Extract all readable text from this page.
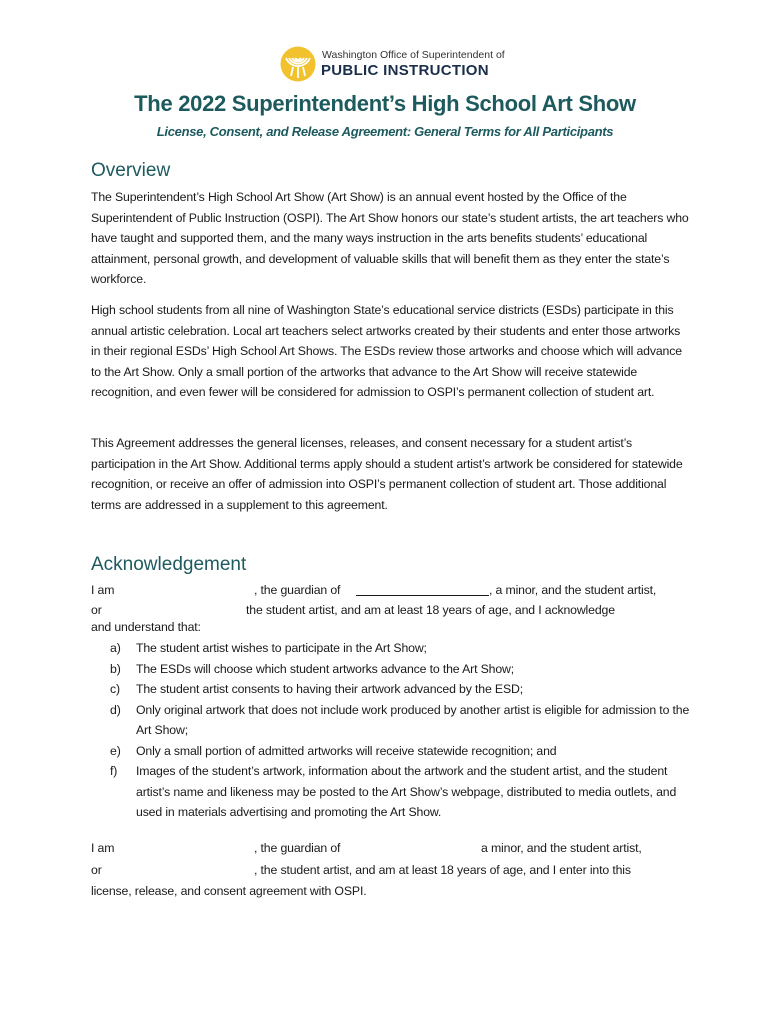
Washington Office of Superintendent of
PUBLIC INSTRUCTION
The 2022 Superintendent’s High School Art Show
License, Consent, and Release Agreement: General Terms for All Participants
Overview
The Superintendent’s High School Art Show (Art Show) is an annual event hosted by the Office of the Superintendent of Public Instruction (OSPI). The Art Show honors our state’s student artists, the art teachers who have taught and supported them, and the many ways instruction in the arts benefits students’ educational attainment, personal growth, and development of valuable skills that will benefit them as they enter the state’s workforce.
High school students from all nine of Washington State’s educational service districts (ESDs) participate in this annual artistic celebration. Local art teachers select artworks created by their students and enter those artworks in their regional ESDs’ High School Art Shows. The ESDs review those artworks and choose which will advance to the Art Show. Only a small portion of the artworks that advance to the Art Show will receive statewide recognition, and even fewer will be considered for admission to OSPI’s permanent collection of student art.
This Agreement addresses the general licenses, releases, and consent necessary for a student artist’s participation in the Art Show. Additional terms apply should a student artist’s artwork be considered for statewide recognition, or receive an offer of admission into OSPI’s permanent collection of student art. Those additional terms are addressed in a supplement to this agreement.
Acknowledgement
I am	, the guardian of	, a minor, and the student artist,
or	the student artist, and am at least 18 years of age, and I acknowledge
and understand that:
a) The student artist wishes to participate in the Art Show;
b) The ESDs will choose which student artworks advance to the Art Show;
c) The student artist consents to having their artwork advanced by the ESD;
d) Only original artwork that does not include work produced by another artist is eligible for admission to the Art Show;
e) Only a small portion of admitted artworks will receive statewide recognition; and
f) Images of the student’s artwork, information about the artwork and the student artist, and the student artist’s name and likeness may be posted to the Art Show’s webpage, distributed to media outlets, and used in materials advertising and promoting the Art Show.
I am	, the guardian of	a minor, and the student artist,
or	, the student artist, and am at least 18 years of age, and I enter into this
license, release, and consent agreement with OSPI.
